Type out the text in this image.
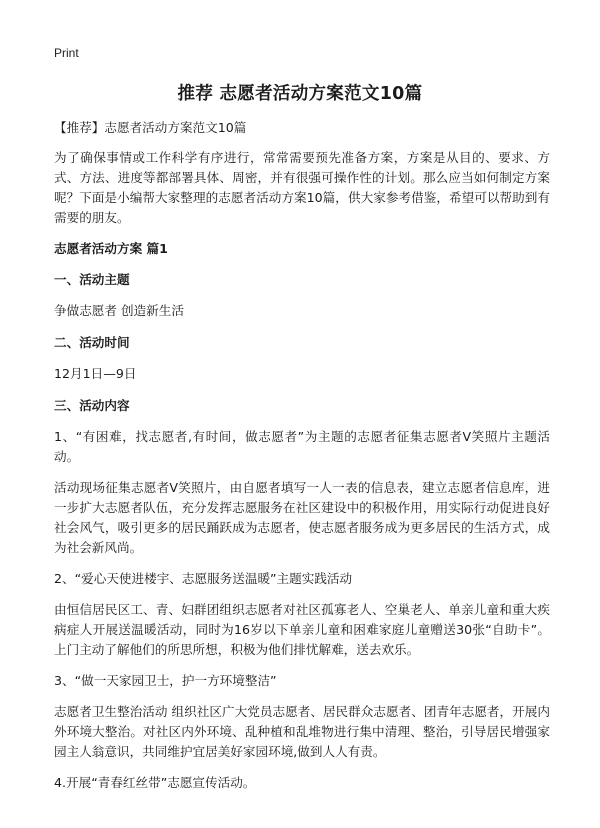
Print
推荐 志愿者活动方案范文10篇

【推荐】志愿者活动方案范文10篇

为了确保事情或工作科学有序进行，常常需要预先准备方案，方案是从目的、要求、方式、方法、进度等都部署具体、周密，并有很强可操作性的计划。那么应当如何制定方案呢？下面是小编帮大家整理的志愿者活动方案10篇，供大家参考借鉴，希望可以帮助到有需要的朋友。

志愿者活动方案 篇1

一、活动主题

争做志愿者 创造新生活

二、活动时间

12月1日—9日

三、活动内容

1、“有困难，找志愿者,有时间，做志愿者”为主题的志愿者征集志愿者V笑照片主题活动。

活动现场征集志愿者V笑照片，由自愿者填写一人一表的信息表，建立志愿者信息库，进一步扩大志愿者队伍，充分发挥志愿服务在社区建设中的积极作用，用实际行动促进良好社会风气，吸引更多的居民踊跃成为志愿者，使志愿者服务成为更多居民的生活方式，成为社会新风尚。

2、“爱心天使进楼宇、志愿服务送温暖”主题实践活动

由恒信居民区工、青、妇群团组织志愿者对社区孤寡老人、空巢老人、单亲儿童和重大疾病症人开展送温暖活动，同时为16岁以下单亲儿童和困难家庭儿童赠送30张“自助卡”。上门主动了解他们的所思所想，积极为他们排忧解难，送去欢乐。

3、“做一天家园卫士，护一方环境整洁”

志愿者卫生整治活动 组织社区广大党员志愿者、居民群众志愿者、团青年志愿者，开展内外环境大整治。对社区内外环境、乱种植和乱堆物进行集中清理、整治，引导居民增强家园主人翁意识，共同维护宜居美好家园环境,做到人人有责。

4.开展“青春红丝带”志愿宣传活动。
